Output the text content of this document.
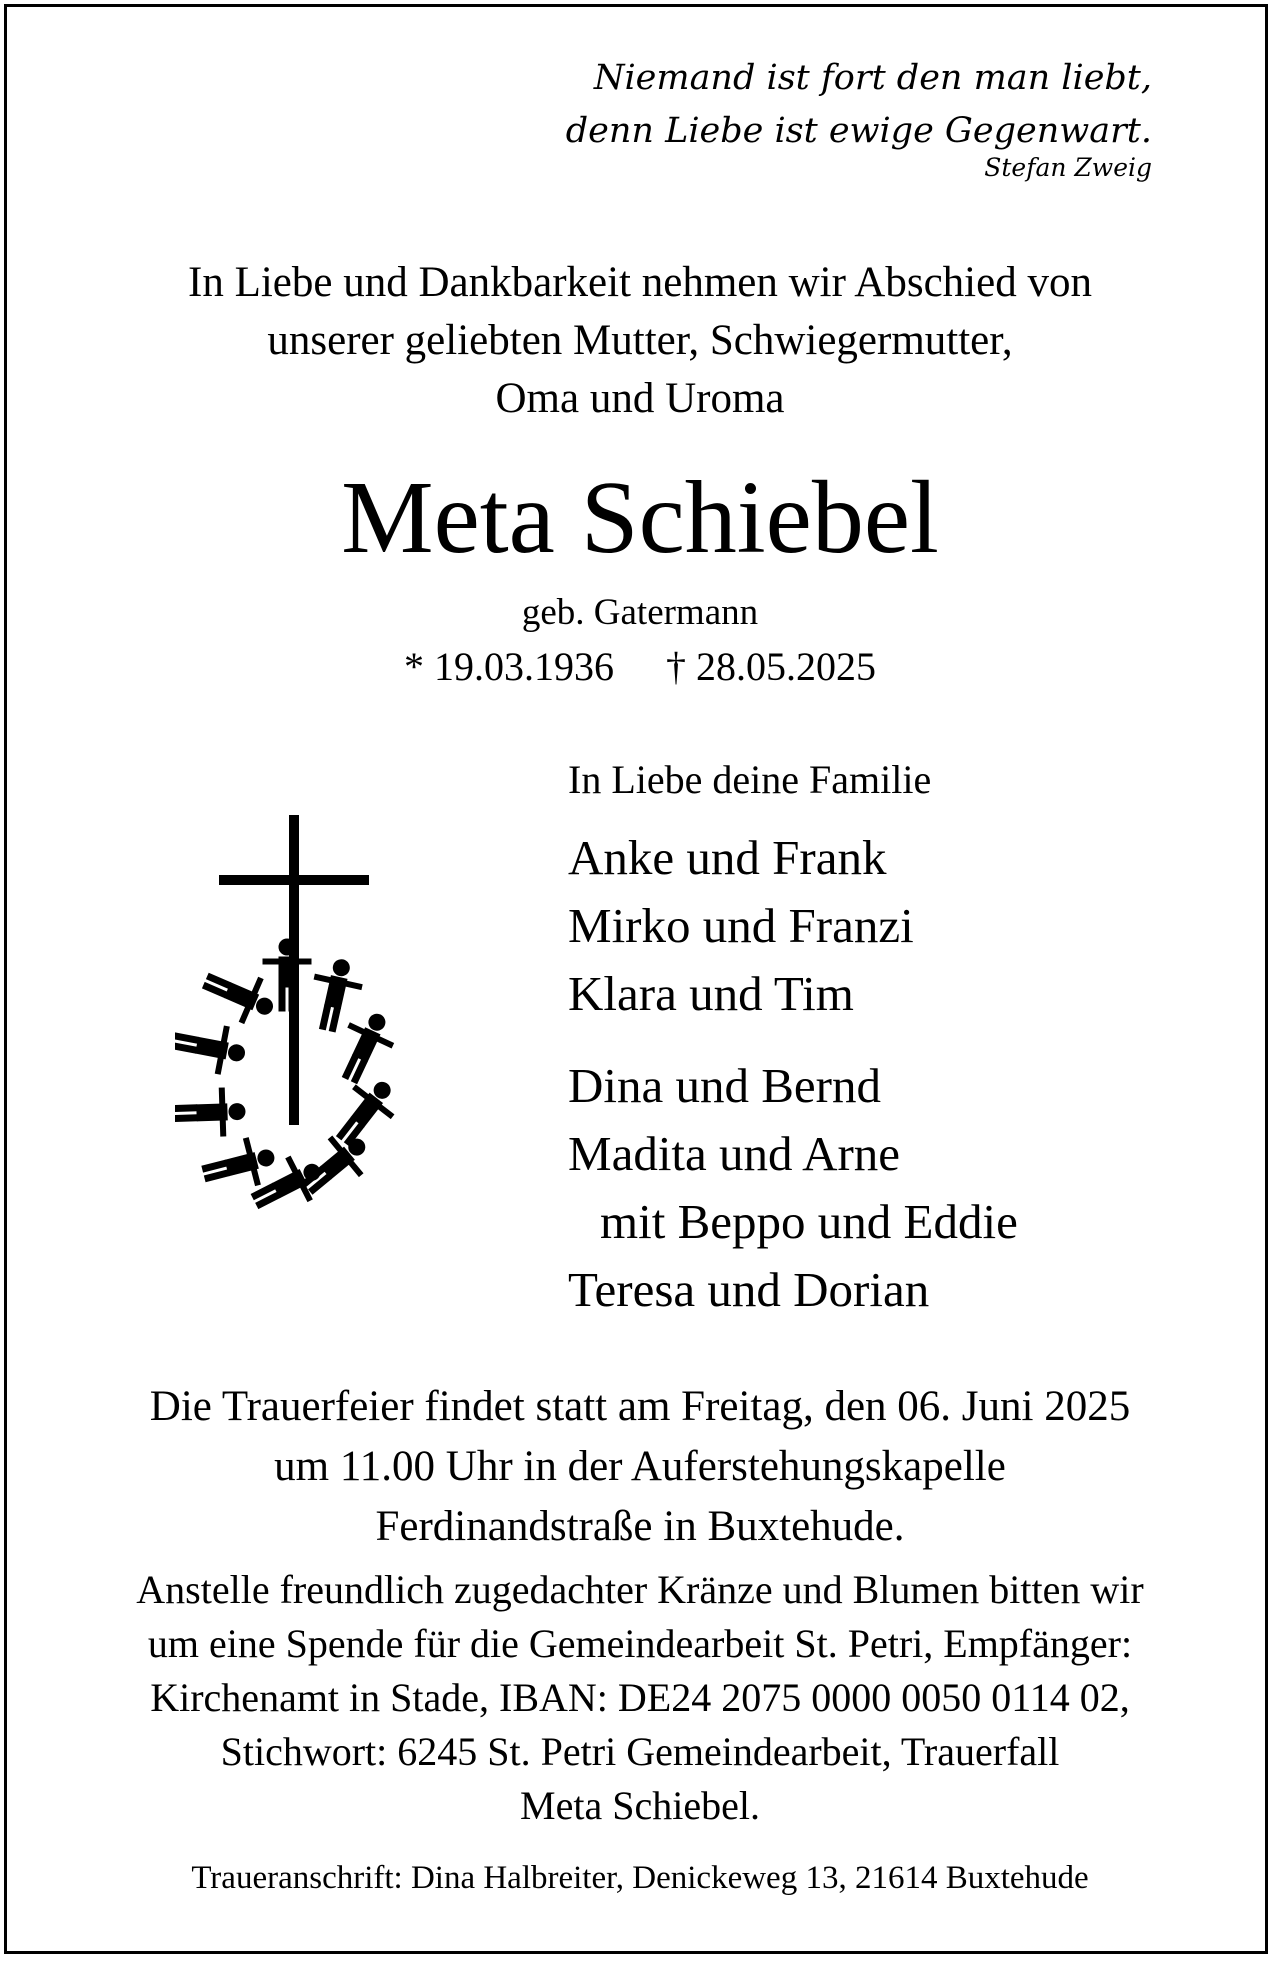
Niemand ist fort den man liebt,
denn Liebe ist ewige Gegenwart.
Stefan Zweig
In Liebe und Dankbarkeit nehmen wir Abschied von
unserer geliebten Mutter, Schwiegermutter,
Oma und Uroma
Meta Schiebel
geb. Gatermann
* 19.03.1936 † 28.05.2025
In Liebe deine Familie
Anke und Frank
Mirko und Franzi
Klara und Tim
Dina und Bernd
Madita und Arne
mit Beppo und Eddie
Teresa und Dorian
Die Trauerfeier findet statt am Freitag, den 06. Juni 2025
um 11.00 Uhr in der Auferstehungskapelle
Ferdinandstraße in Buxtehude.
Anstelle freundlich zugedachter Kränze und Blumen bitten wir
um eine Spende für die Gemeindearbeit St. Petri, Empfänger:
Kirchenamt in Stade, IBAN: DE24 2075 0000 0050 0114 02,
Stichwort: 6245 St. Petri Gemeindearbeit, Trauerfall
Meta Schiebel.
Traueranschrift: Dina Halbreiter, Denickeweg 13, 21614 Buxtehude
